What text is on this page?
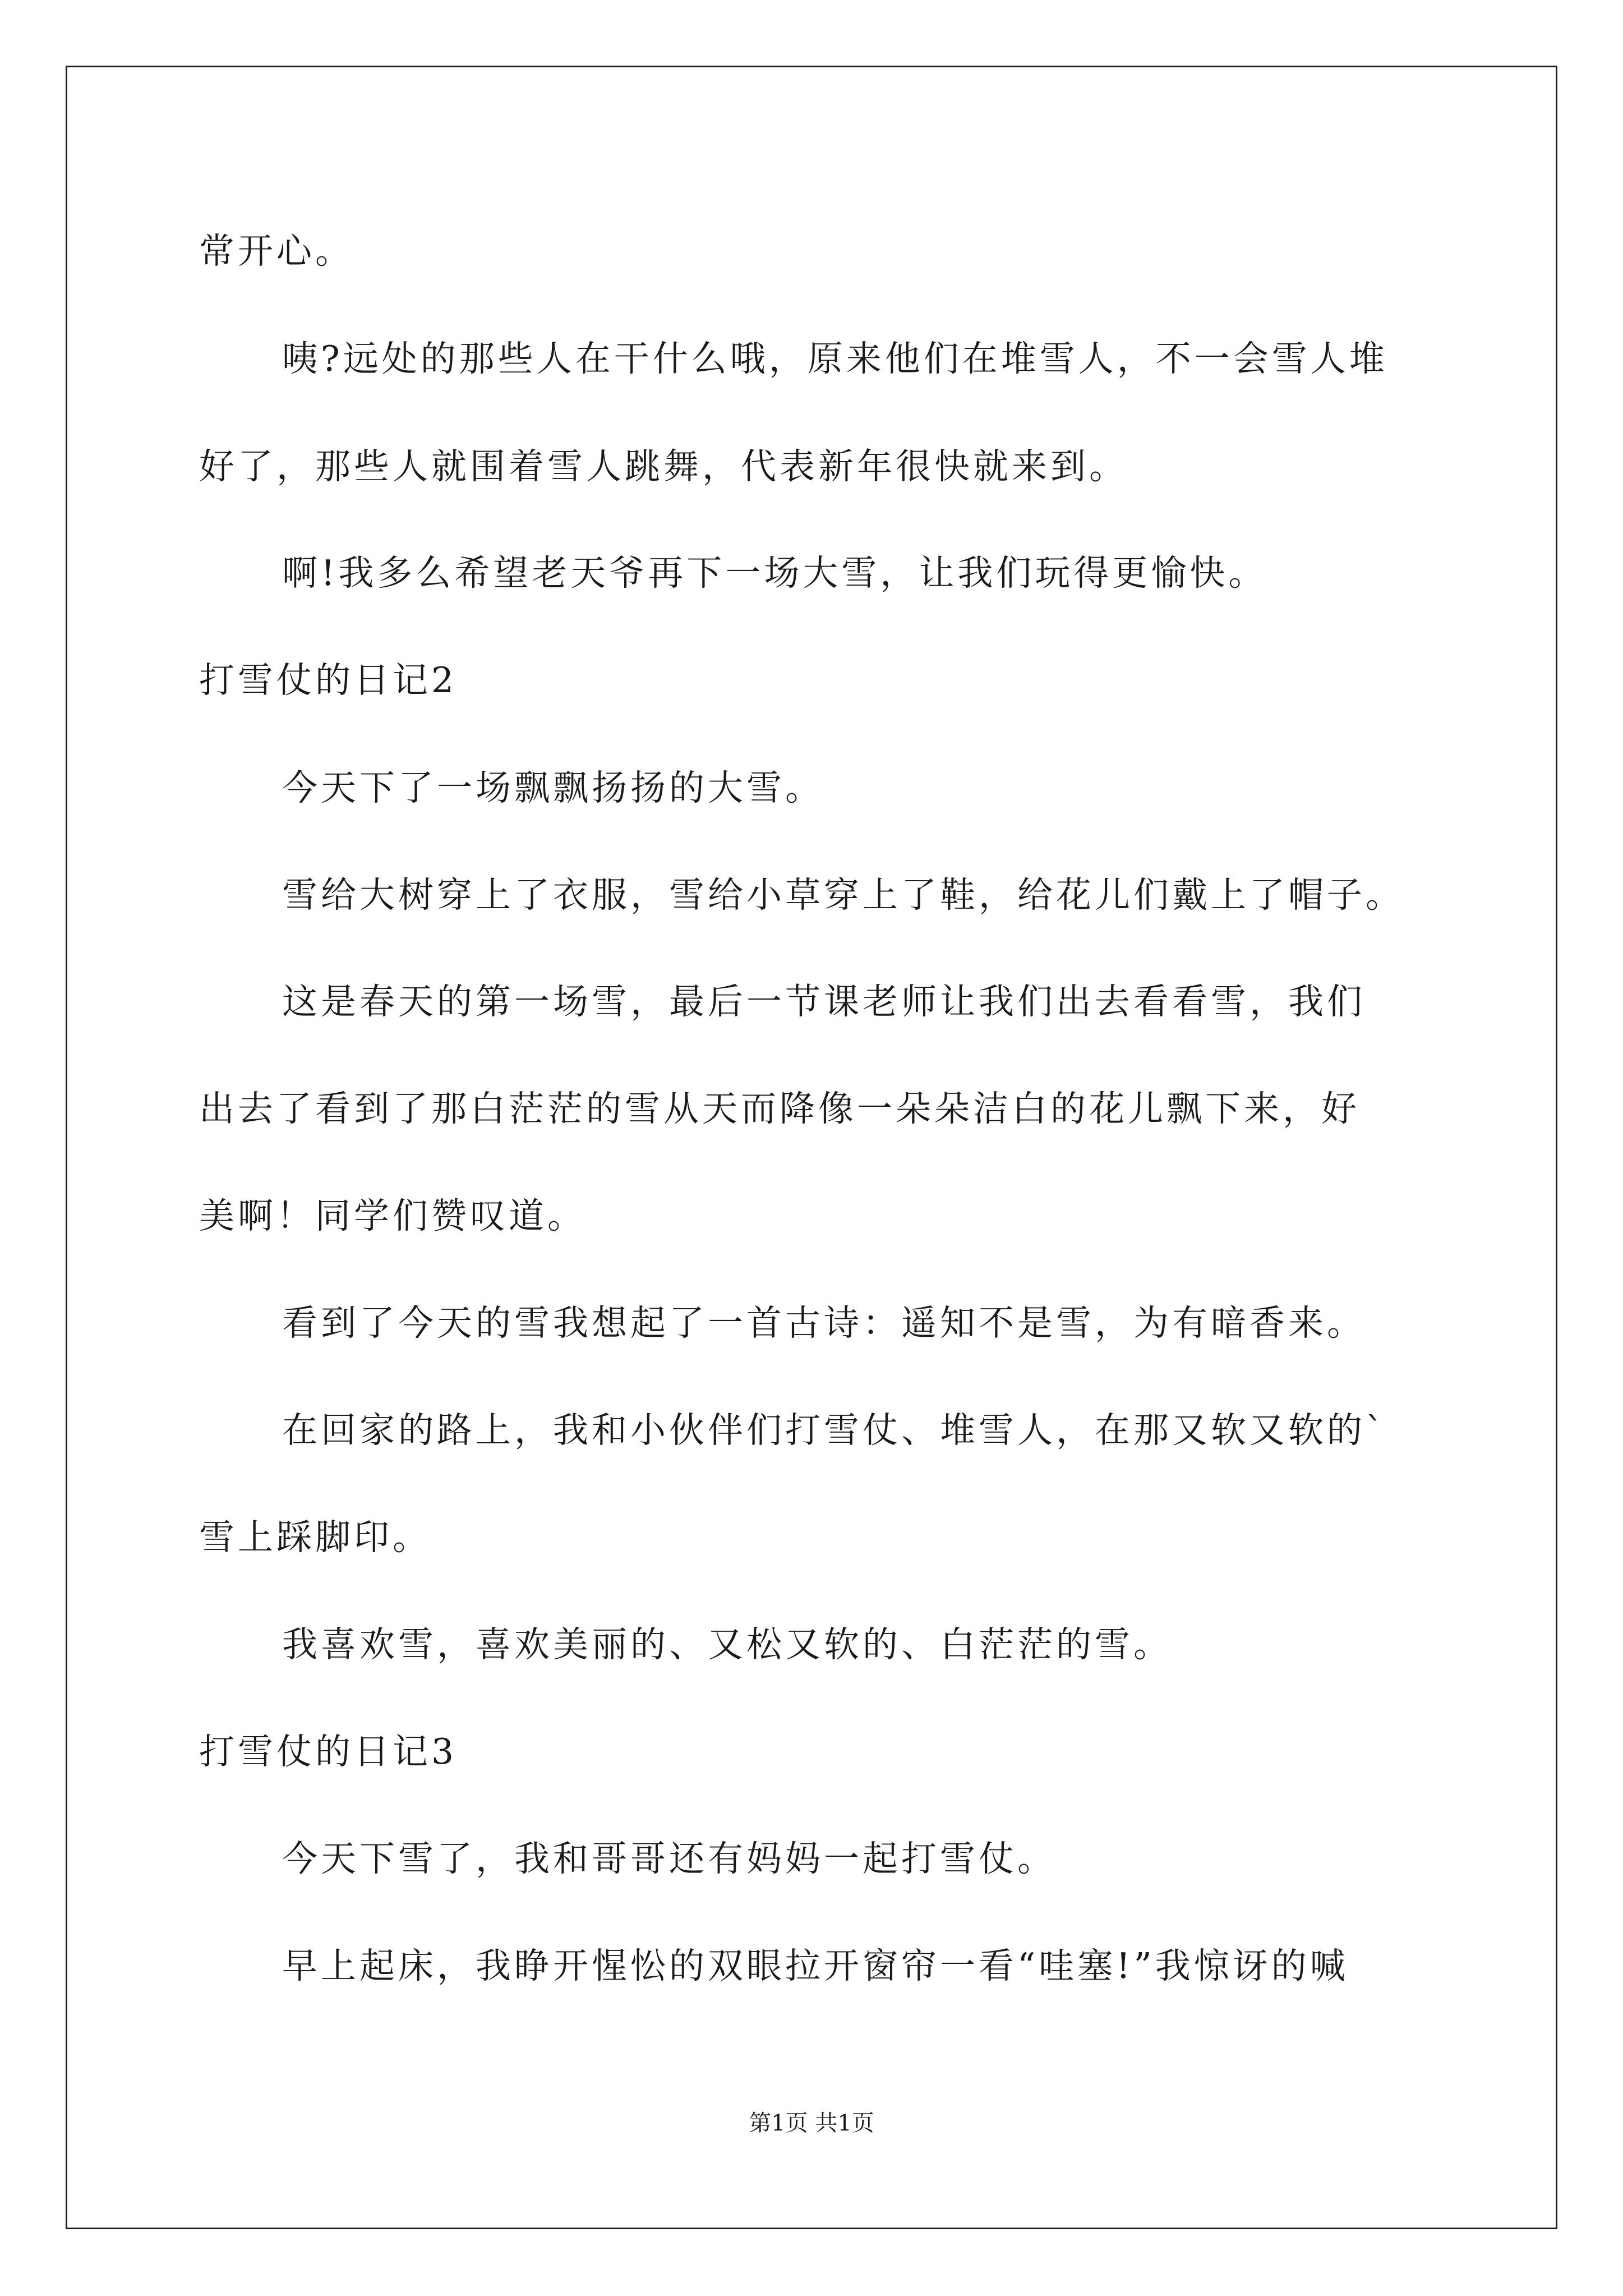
常开心。
咦?远处的那些人在干什么哦，原来他们在堆雪人，不一会雪人堆
好了，那些人就围着雪人跳舞，代表新年很快就来到。
啊!我多么希望老天爷再下一场大雪，让我们玩得更愉快。
打雪仗的日记2
今天下了一场飘飘扬扬的大雪。
雪给大树穿上了衣服，雪给小草穿上了鞋，给花儿们戴上了帽子。
这是春天的第一场雪，最后一节课老师让我们出去看看雪，我们
出去了看到了那白茫茫的雪从天而降像一朵朵洁白的花儿飘下来，好
美啊！同学们赞叹道。
看到了今天的雪我想起了一首古诗：遥知不是雪，为有暗香来。
在回家的路上，我和小伙伴们打雪仗、堆雪人，在那又软又软的`
雪上踩脚印。
我喜欢雪，喜欢美丽的、又松又软的、白茫茫的雪。
打雪仗的日记3
今天下雪了，我和哥哥还有妈妈一起打雪仗。
早上起床，我睁开惺忪的双眼拉开窗帘一看“哇塞!”我惊讶的喊
第1页 共1页
